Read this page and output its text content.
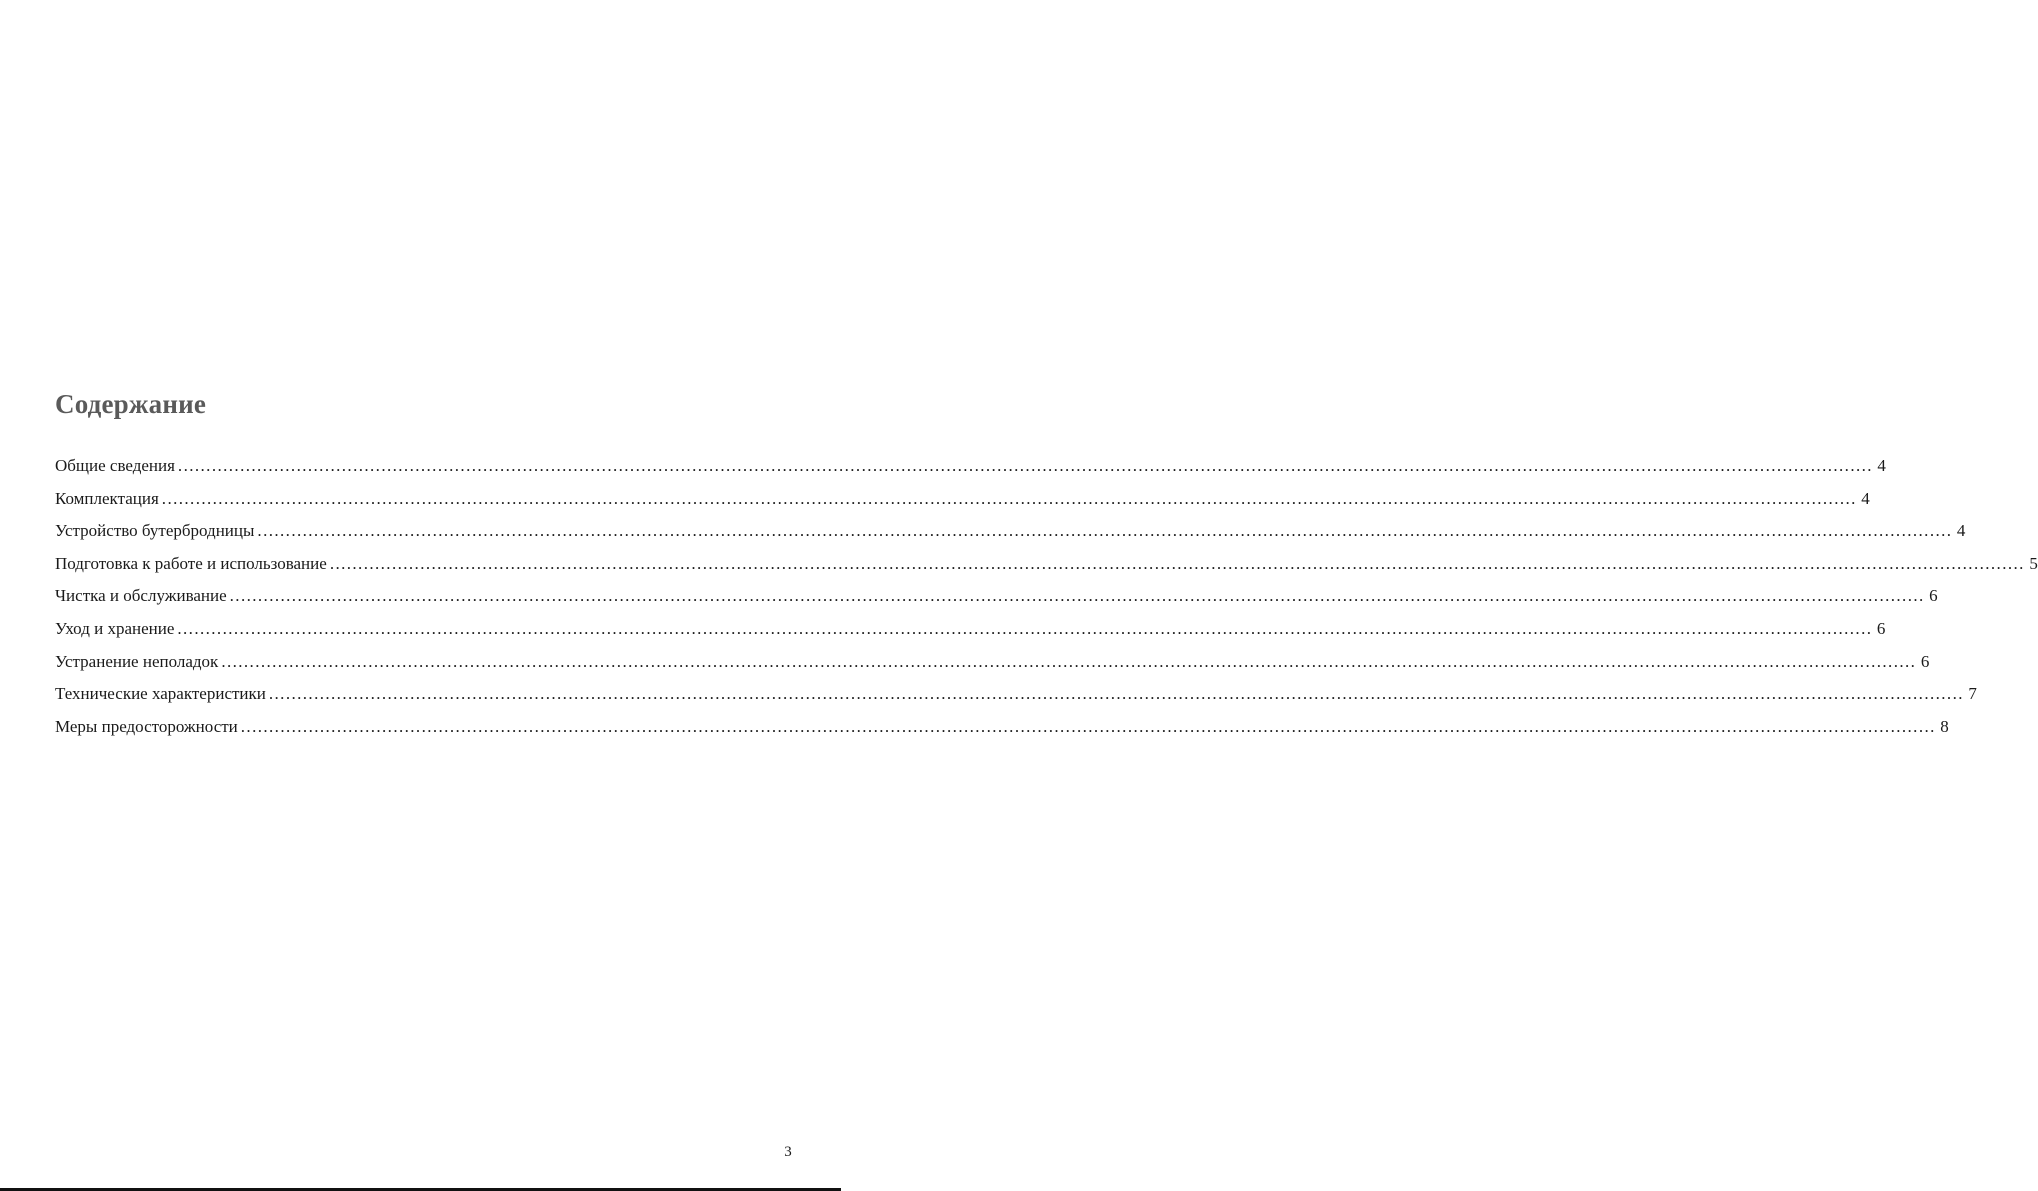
Содержание
Общие сведения ............................................................................................................................................................................................................................................................................................................ 4
Комплектация ............................................................................................................................................................................................................................................................................................................ 4
Устройство бутербродницы ............................................................................................................................................................................................................................................................................................................ 4
Подготовка к работе и использование ............................................................................................................................................................................................................................................................................................................ 5
Чистка и обслуживание ............................................................................................................................................................................................................................................................................................................ 6
Уход и хранение ............................................................................................................................................................................................................................................................................................................ 6
Устранение неполадок ............................................................................................................................................................................................................................................................................................................ 6
Технические характеристики ............................................................................................................................................................................................................................................................................................................ 7
Меры предосторожности ............................................................................................................................................................................................................................................................................................................ 8
3
